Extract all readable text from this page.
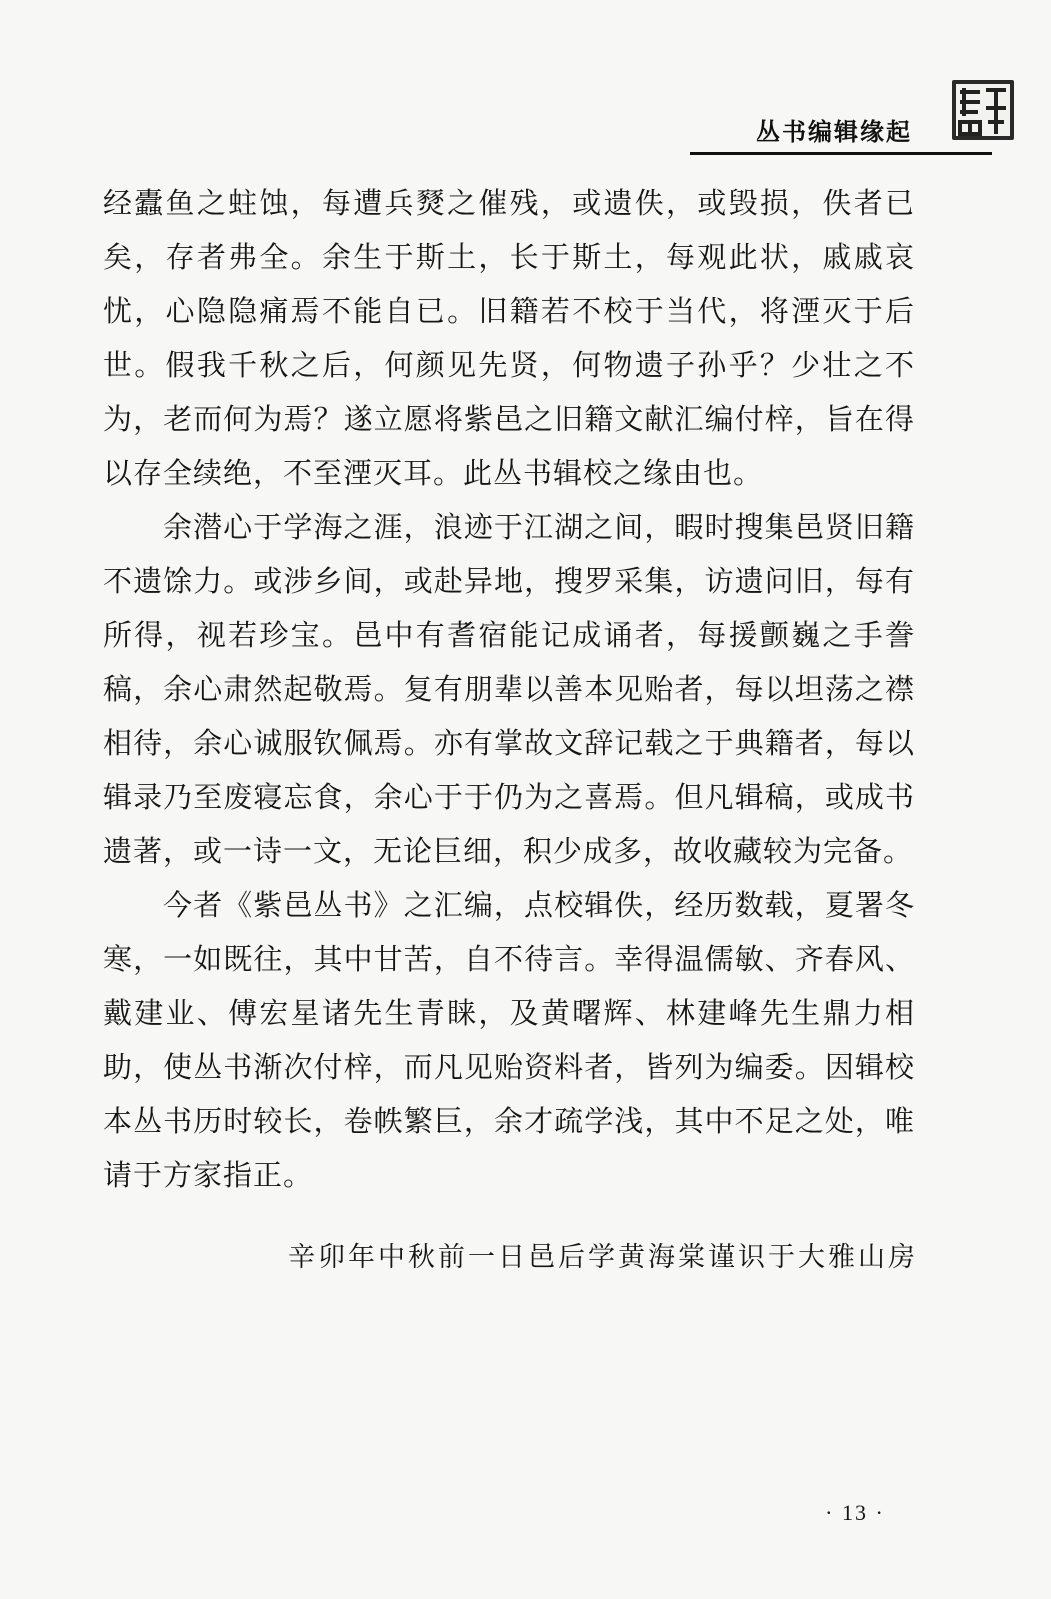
丛书编辑缘起

经蠹鱼之蛀蚀，每遭兵燹之催残，或遗佚，或毁损，佚者已矣，存者弗全。余生于斯土，长于斯土，每观此状，戚戚哀忧，心隐隐痛焉不能自已。旧籍若不校于当代，将湮灭于后世。假我千秋之后，何颜见先贤，何物遗子孙乎？少壮之不为，老而何为焉？遂立愿将紫邑之旧籍文献汇编付梓，旨在得以存全续绝，不至湮灭耳。此丛书辑校之缘由也。

余潜心于学海之涯，浪迹于江湖之间，暇时搜集邑贤旧籍不遗馀力。或涉乡间，或赴异地，搜罗采集，访遗问旧，每有所得，视若珍宝。邑中有耆宿能记成诵者，每援颤巍之手誊稿，余心肃然起敬焉。复有朋辈以善本见贻者，每以坦荡之襟相待，余心诚服钦佩焉。亦有掌故文辞记载之于典籍者，每以辑录乃至废寝忘食，余心于于仍为之喜焉。但凡辑稿，或成书遗著，或一诗一文，无论巨细，积少成多，故收藏较为完备。

今者《紫邑丛书》之汇编，点校辑佚，经历数载，夏署冬寒，一如既往，其中甘苦，自不待言。幸得温儒敏、齐春风、戴建业、傅宏星诸先生青睐，及黄曙辉、林建峰先生鼎力相助，使丛书渐次付梓，而凡见贻资料者，皆列为编委。因辑校本丛书历时较长，卷帙繁巨，余才疏学浅，其中不足之处，唯请于方家指正。

辛卯年中秋前一日邑后学黄海棠谨识于大雅山房
· 13 ·
